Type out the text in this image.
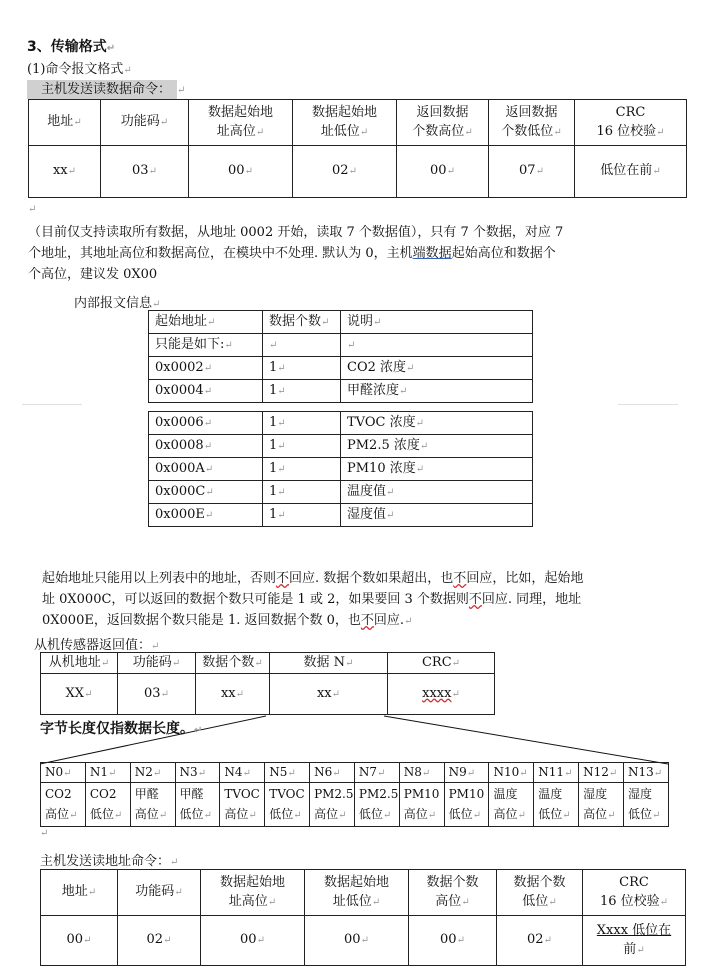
3、传输格式↵
(1)命令报文格式↵
主机发送读数据命令： ↵
地址↵	功能码↵	数据起始地
址高位↵	数据起始地
址低位↵	返回数据
个数高位↵	返回数据
个数低位↵	CRC
16 位校验↵
xx↵	03↵	00↵	02↵	00↵	07↵	低位在前↵
↵
（目前仅支持读取所有数据，从地址 0002 开始，读取 7 个数据值），只有 7 个数据，对应 7
个地址，其地址高位和数据高位，在模块中不处理. 默认为 0，主机端数据起始高位和数据个
个高位，建议发 0X00
内部报文信息↵
起始地址↵	数据个数↵	说明↵
只能是如下:↵	↵	↵
0x0002↵	1↵	CO2 浓度↵
0x0004↵	1↵	甲醛浓度↵
0x0006↵	1↵	TVOC 浓度↵
0x0008↵	1↵	PM2.5 浓度↵
0x000A↵	1↵	PM10 浓度↵
0x000C↵	1↵	温度值↵
0x000E↵	1↵	湿度值↵
起始地址只能用以上列表中的地址，否则不回应. 数据个数如果超出，也不回应，比如，起始地
址 0X000C，可以返回的数据个数只可能是 1 或 2，如果要回 3 个数据则不回应. 同理，地址
0X000E，返回数据个数只能是 1. 返回数据个数 0，也不回应.↵
从机传感器返回值：↵
从机地址↵	功能码↵	数据个数↵	数据 N↵	CRC↵
XX↵	03↵	xx↵	xx↵	xxxx↵
字节长度仅指数据长度。↵
N0↵	N1↵	N2↵	N3↵	N4↵	N5↵	N6↵	N7↵	N8↵	N9↵	N10↵	N11↵	N12↵	N13↵
CO2
高位↵	CO2
低位↵	甲醛
高位↵	甲醛
低位↵	TVOC
高位↵	TVOC
低位↵	PM2.5
高位↵	PM2.5
低位↵	PM10
高位↵	PM10
低位↵	温度
高位↵	温度
低位↵	湿度
高位↵	湿度
低位↵
↵
主机发送读地址命令：↵
地址↵	功能码↵	数据起始地
址高位↵	数据起始地
址低位↵	数据个数
高位↵	数据个数
低位↵	CRC
16 位校验↵
00↵	02↵	00↵	00↵	00↵	02↵	Xxxx 低位在
前↵
